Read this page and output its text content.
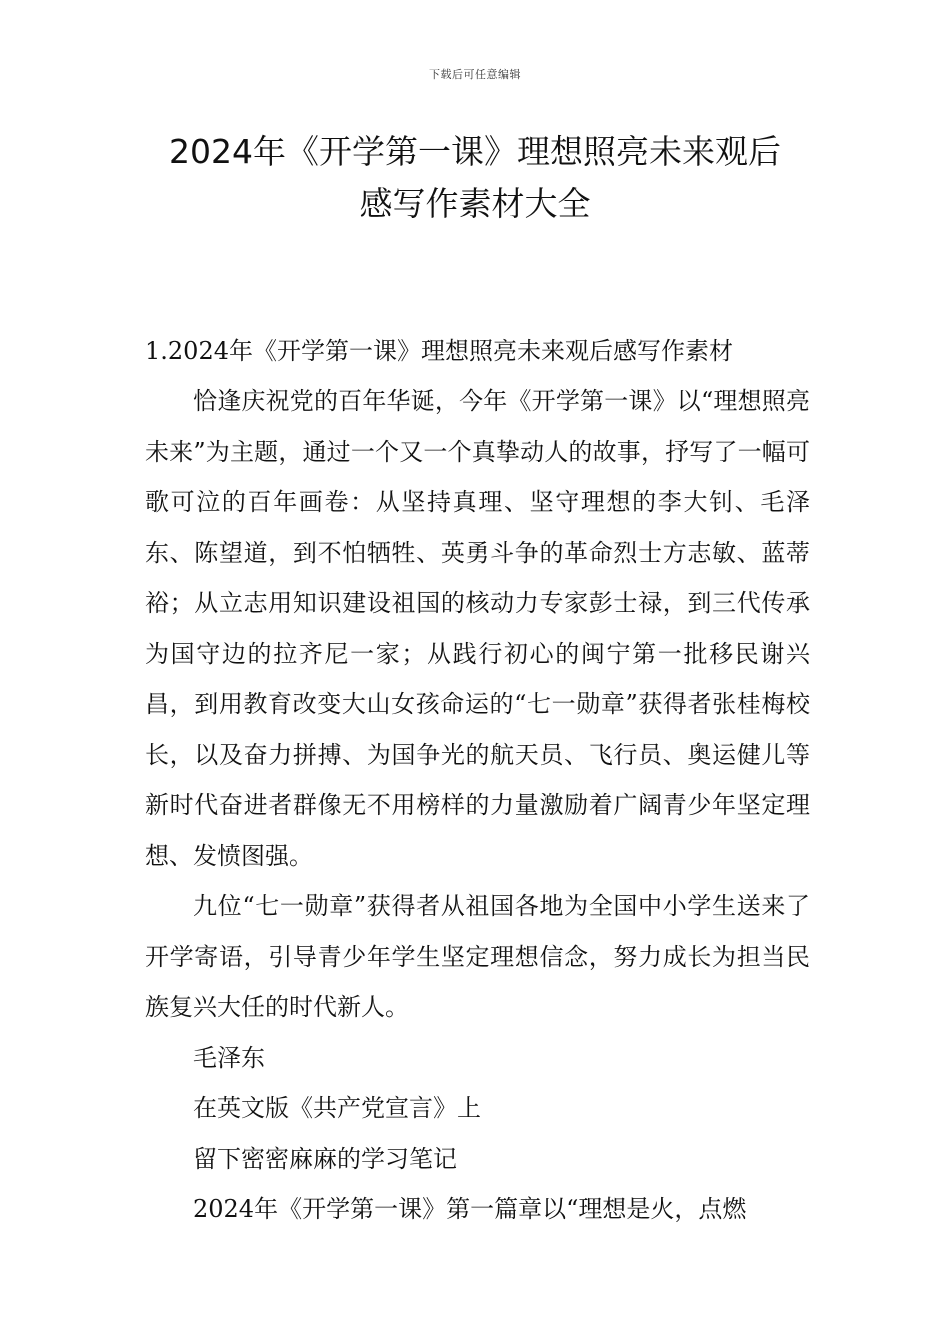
下载后可任意编辑
2024年《开学第一课》理想照亮未来观后
感写作素材大全
1.2024年《开学第一课》理想照亮未来观后感写作素材

恰逢庆祝党的百年华诞，今年《开学第一课》以“理想照亮未来”为主题，通过一个又一个真挚动人的故事，抒写了一幅可歌可泣的百年画卷：从坚持真理、坚守理想的李大钊、毛泽东、陈望道，到不怕牺牲、英勇斗争的革命烈士方志敏、蓝蒂裕；从立志用知识建设祖国的核动力专家彭士禄，到三代传承为国守边的拉齐尼一家；从践行初心的闽宁第一批移民谢兴昌，到用教育改变大山女孩命运的“七一勋章”获得者张桂梅校长，以及奋力拼搏、为国争光的航天员、飞行员、奥运健儿等新时代奋进者群像无不用榜样的力量激励着广阔青少年坚定理想、发愤图强。

九位“七一勋章”获得者从祖国各地为全国中小学生送来了开学寄语，引导青少年学生坚定理想信念，努力成长为担当民族复兴大任的时代新人。

毛泽东

在英文版《共产党宣言》上

留下密密麻麻的学习笔记

2024年《开学第一课》第一篇章以“理想是火，点燃
